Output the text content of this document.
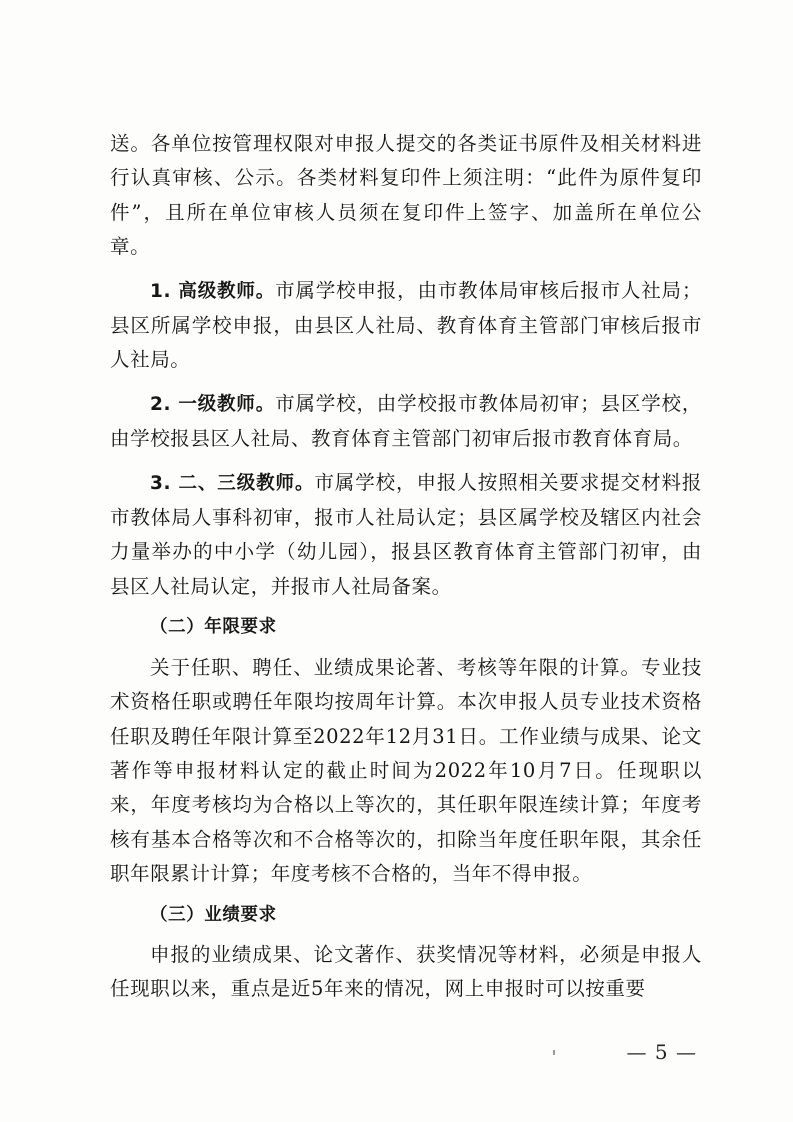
送。各单位按管理权限对申报人提交的各类证书原件及相关材料进行认真审核、公示。各类材料复印件上须注明：“此件为原件复印件”，且所在单位审核人员须在复印件上签字、加盖所在单位公章。

1. 高级教师。市属学校申报，由市教体局审核后报市人社局；县区所属学校申报，由县区人社局、教育体育主管部门审核后报市人社局。

2. 一级教师。市属学校，由学校报市教体局初审；县区学校，由学校报县区人社局、教育体育主管部门初审后报市教育体育局。

3. 二、三级教师。市属学校，申报人按照相关要求提交材料报市教体局人事科初审，报市人社局认定；县区属学校及辖区内社会力量举办的中小学（幼儿园），报县区教育体育主管部门初审，由县区人社局认定，并报市人社局备案。

（二）年限要求

关于任职、聘任、业绩成果论著、考核等年限的计算。专业技术资格任职或聘任年限均按周年计算。本次申报人员专业技术资格任职及聘任年限计算至2022年12月31日。工作业绩与成果、论文著作等申报材料认定的截止时间为2022年10月7日。任现职以来，年度考核均为合格以上等次的，其任职年限连续计算；年度考核有基本合格等次和不合格等次的，扣除当年度任职年限，其余任职年限累计计算；年度考核不合格的，当年不得申报。

（三）业绩要求

申报的业绩成果、论文著作、获奖情况等材料，必须是申报人任现职以来，重点是近5年来的情况，网上申报时可以按重要

— 5 —
